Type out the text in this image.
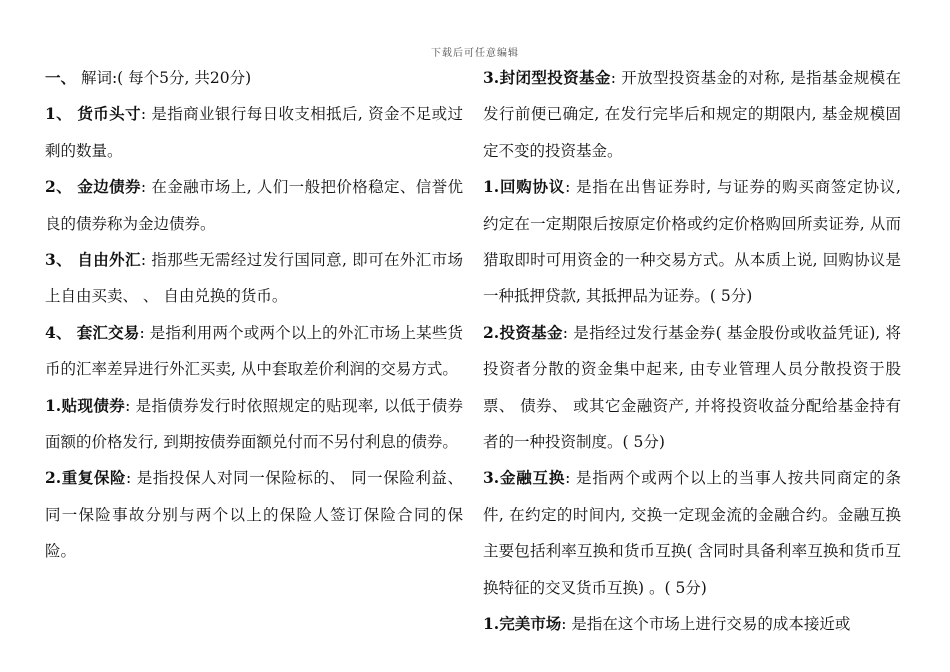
下载后可任意编辑

一、 解词:( 每个5分, 共20分)

1、 货币头寸: 是指商业银行每日收支相抵后, 资金不足或过剩的数量。

2、 金边债券: 在金融市场上, 人们一般把价格稳定、信誉优良的债券称为金边债券。

3、 自由外汇: 指那些无需经过发行国同意, 即可在外汇市场上自由买卖、 、 自由兑换的货币。

4、 套汇交易: 是指利用两个或两个以上的外汇市场上某些货币的汇率差异进行外汇买卖, 从中套取差价利润的交易方式。

1.贴现债券: 是指债券发行时依照规定的贴现率, 以低于债券面额的价格发行, 到期按债券面额兑付而不另付利息的债券。

2.重复保险: 是指投保人对同一保险标的、 同一保险利益、 同一保险事故分别与两个以上的保险人签订保险合同的保险。

3.封闭型投资基金: 开放型投资基金的对称, 是指基金规模在发行前便已确定, 在发行完毕后和规定的期限内, 基金规模固定不变的投资基金。

1.回购协议: 是指在出售证券时, 与证券的购买商签定协议, 约定在一定期限后按原定价格或约定价格购回所卖证券, 从而猎取即时可用资金的一种交易方式。从本质上说, 回购协议是一种抵押贷款, 其抵押品为证券。( 5分)

2.投资基金: 是指经过发行基金券( 基金股份或收益凭证), 将投资者分散的资金集中起来, 由专业管理人员分散投资于股票、 债券、 或其它金融资产, 并将投资收益分配给基金持有者的一种投资制度。( 5分)

3.金融互换: 是指两个或两个以上的当事人按共同商定的条件, 在约定的时间内, 交换一定现金流的金融合约。金融互换主要包括利率互换和货币互换( 含同时具备利率互换和货币互换特征的交叉货币互换) 。( 5分)

1.完美市场: 是指在这个市场上进行交易的成本接近或
